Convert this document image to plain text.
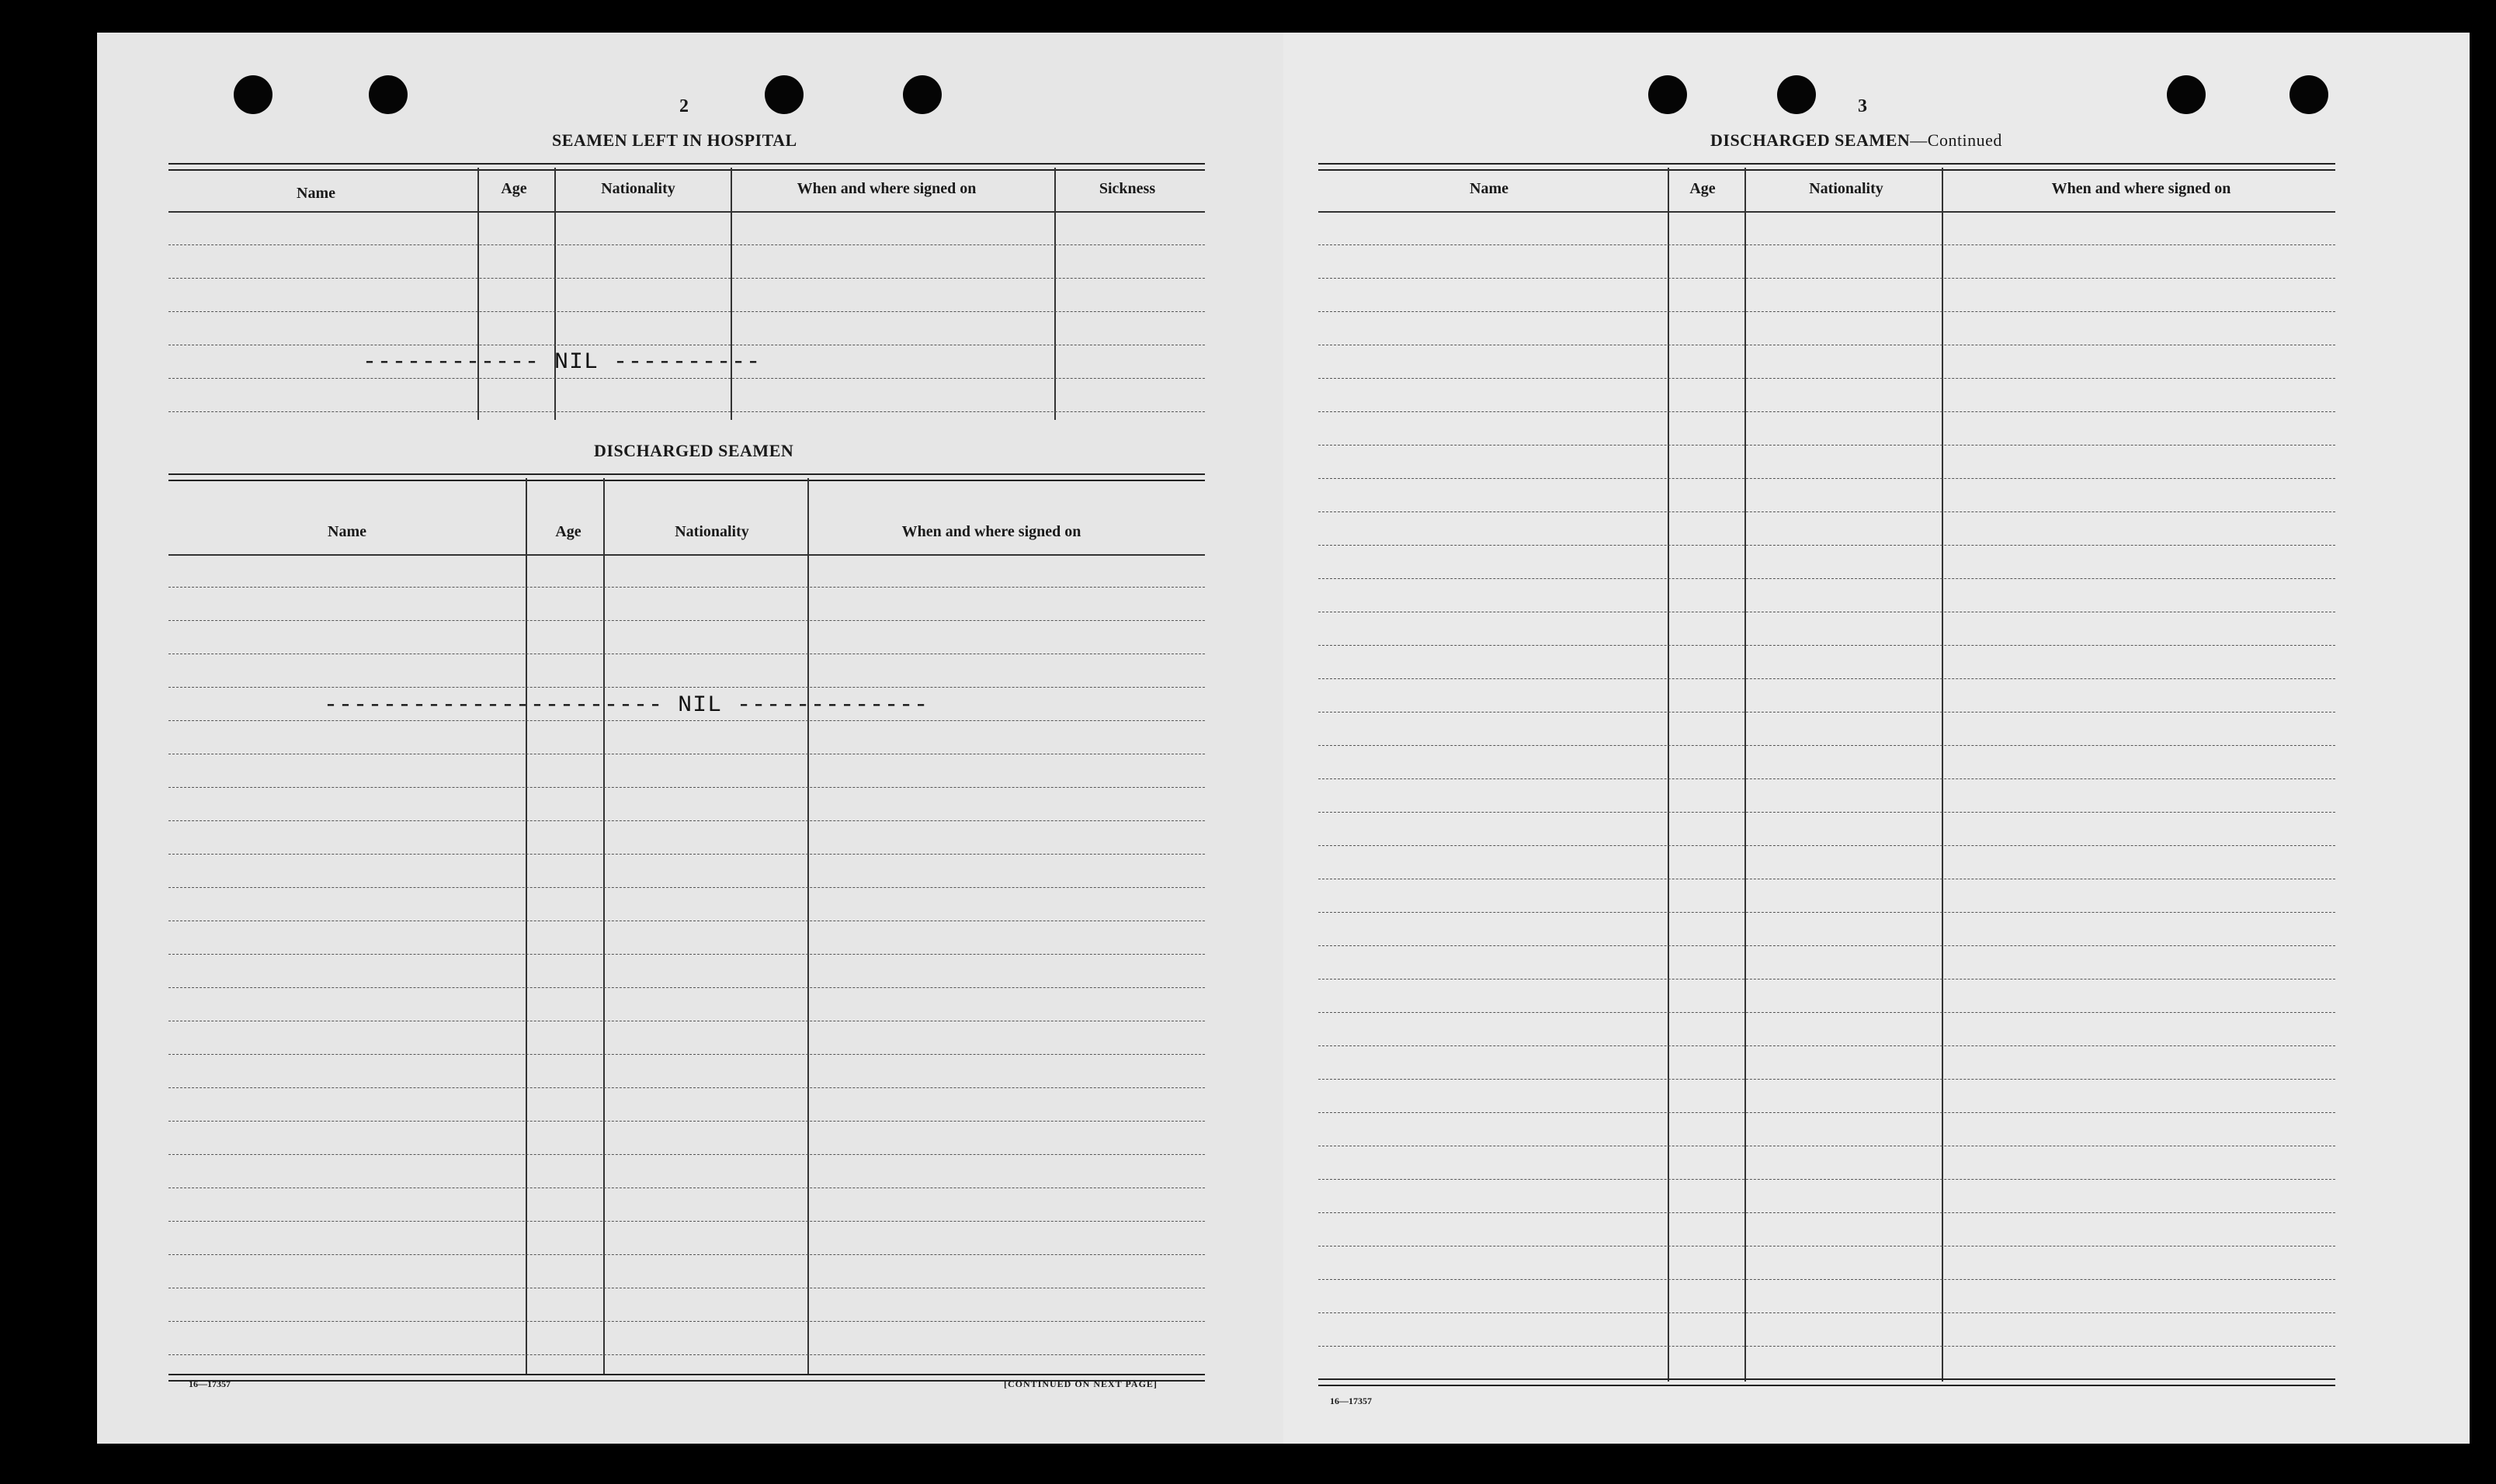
2
SEAMEN LEFT IN HOSPITAL
Name	Age	Nationality	When and where signed on	Sickness
------------ NIL ----------
DISCHARGED SEAMEN
Name	Age	Nationality	When and where signed on
----------------------- NIL -------------
16—17357	[CONTINUED ON NEXT PAGE]
3
DISCHARGED SEAMEN—Continued
Name	Age	Nationality	When and where signed on
16—17357
